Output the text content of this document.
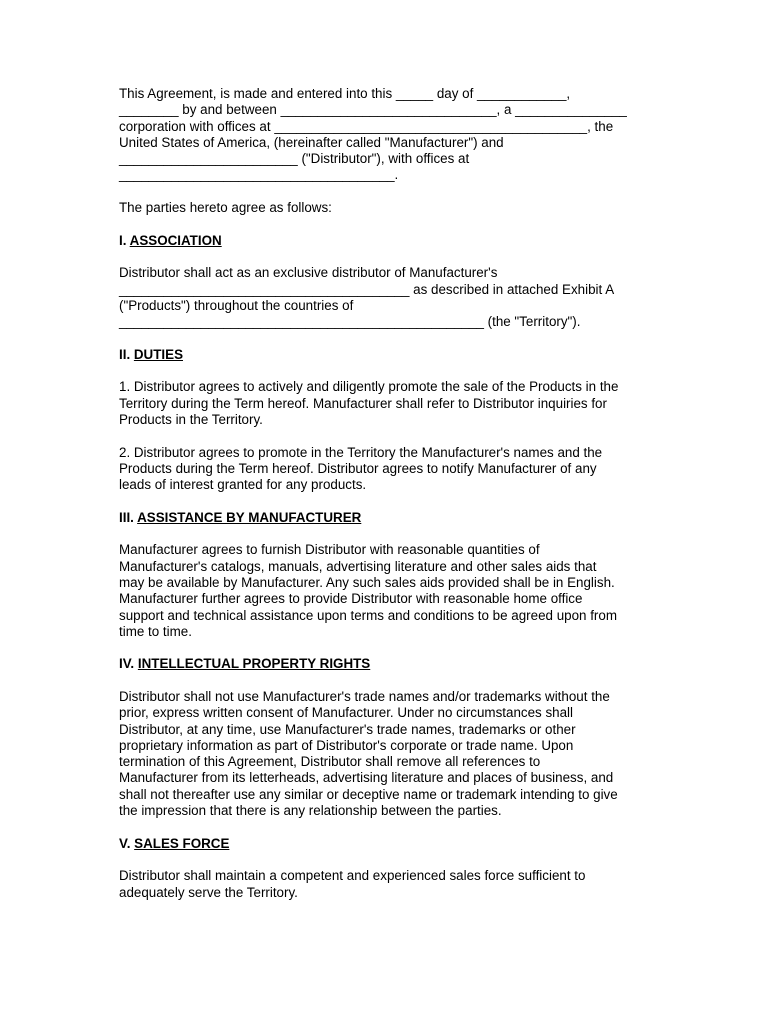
This Agreement, is made and entered into this _____ day of ____________,
________ by and between _____________________________, a _______________
corporation with offices at __________________________________________, the
United States of America, (hereinafter called "Manufacturer") and
________________________ ("Distributor"), with offices at
_____________________________________.

The parties hereto agree as follows:

I. ASSOCIATION

Distributor shall act as an exclusive distributor of Manufacturer's
_______________________________________ as described in attached Exhibit A
("Products") throughout the countries of
_________________________________________________ (the "Territory").

II. DUTIES

1. Distributor agrees to actively and diligently promote the sale of the Products in the
Territory during the Term hereof. Manufacturer shall refer to Distributor inquiries for
Products in the Territory.

2. Distributor agrees to promote in the Territory the Manufacturer's names and the
Products during the Term hereof. Distributor agrees to notify Manufacturer of any
leads of interest granted for any products.

III. ASSISTANCE BY MANUFACTURER

Manufacturer agrees to furnish Distributor with reasonable quantities of
Manufacturer's catalogs, manuals, advertising literature and other sales aids that
may be available by Manufacturer. Any such sales aids provided shall be in English.
Manufacturer further agrees to provide Distributor with reasonable home office
support and technical assistance upon terms and conditions to be agreed upon from
time to time.

IV. INTELLECTUAL PROPERTY RIGHTS

Distributor shall not use Manufacturer's trade names and/or trademarks without the
prior, express written consent of Manufacturer. Under no circumstances shall
Distributor, at any time, use Manufacturer's trade names, trademarks or other
proprietary information as part of Distributor's corporate or trade name. Upon
termination of this Agreement, Distributor shall remove all references to
Manufacturer from its letterheads, advertising literature and places of business, and
shall not thereafter use any similar or deceptive name or trademark intending to give
the impression that there is any relationship between the parties.

V. SALES FORCE

Distributor shall maintain a competent and experienced sales force sufficient to
adequately serve the Territory.
